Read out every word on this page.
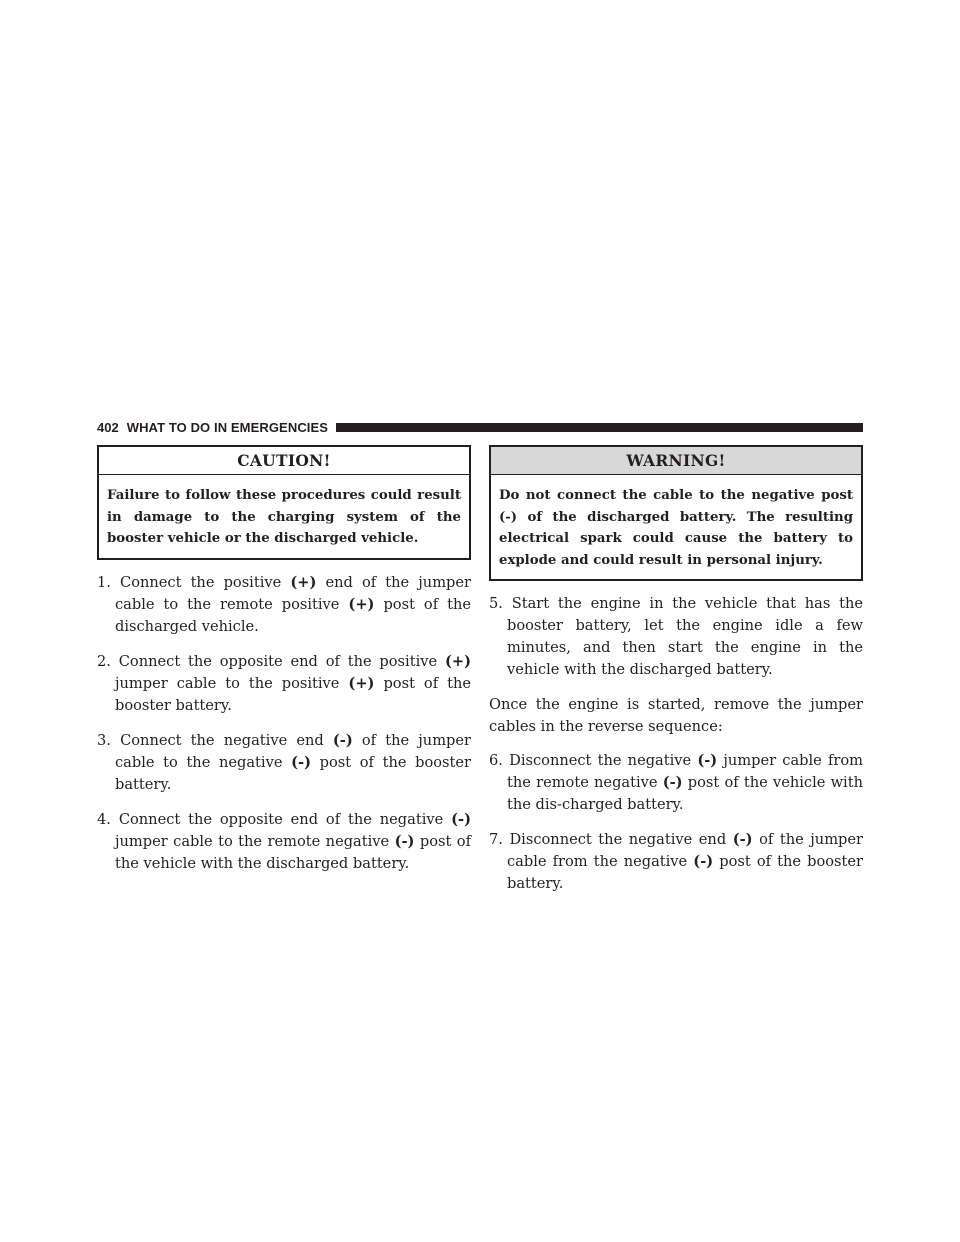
402 WHAT TO DO IN EMERGENCIES
CAUTION!
Failure to follow these procedures could result in damage to the charging system of the booster vehicle or the discharged vehicle.
1. Connect the positive (+) end of the jumper cable to the remote positive (+) post of the discharged vehicle.
2. Connect the opposite end of the positive (+) jumper cable to the positive (+) post of the booster battery.
3. Connect the negative end (-) of the jumper cable to the negative (-) post of the booster battery.
4. Connect the opposite end of the negative (-) jumper cable to the remote negative (-) post of the vehicle with the discharged battery.
WARNING!
Do not connect the cable to the negative post (-) of the discharged battery. The resulting electrical spark could cause the battery to explode and could result in personal injury.
5. Start the engine in the vehicle that has the booster battery, let the engine idle a few minutes, and then start the engine in the vehicle with the discharged battery.

Once the engine is started, remove the jumper cables in the reverse sequence:

6. Disconnect the negative (-) jumper cable from the remote negative (-) post of the vehicle with the dis-charged battery.
7. Disconnect the negative end (-) of the jumper cable from the negative (-) post of the booster battery.
